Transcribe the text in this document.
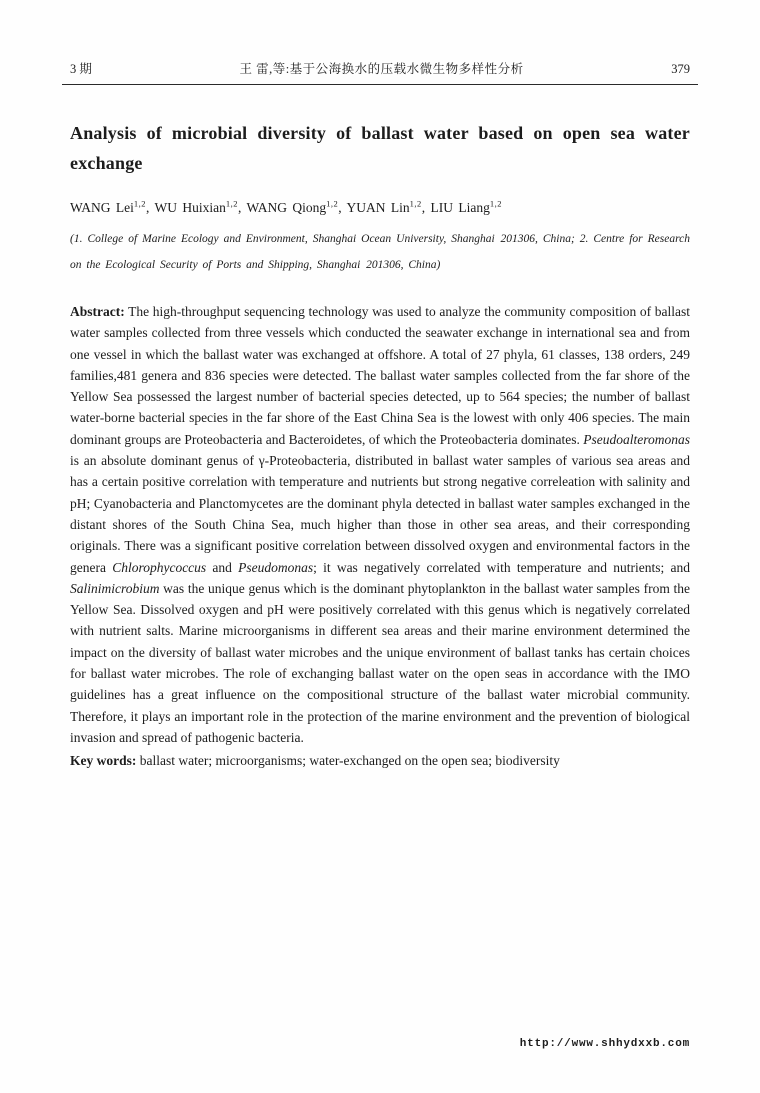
3 期	王 雷,等:基于公海换水的压载水微生物多样性分析	379
Analysis of microbial diversity of ballast water based on open sea water exchange
WANG Lei$^{1,2}$, WU Huixian$^{1,2}$, WANG Qiong$^{1,2}$, YUAN Lin$^{1,2}$, LIU Liang$^{1,2}$

(1. College of Marine Ecology and Environment, Shanghai Ocean University, Shanghai 201306, China; 2. Centre for Research on the Ecological Security of Ports and Shipping, Shanghai 201306, China)

Abstract: The high-throughput sequencing technology was used to analyze the community composition of ballast water samples collected from three vessels which conducted the seawater exchange in international sea and from one vessel in which the ballast water was exchanged at offshore. A total of 27 phyla, 61 classes, 138 orders, 249 families,481 genera and 836 species were detected. The ballast water samples collected from the far shore of the Yellow Sea possessed the largest number of bacterial species detected, up to 564 species; the number of ballast water-borne bacterial species in the far shore of the East China Sea is the lowest with only 406 species. The main dominant groups are Proteobacteria and Bacteroidetes, of which the Proteobacteria dominates. Pseudoalteromonas is an absolute dominant genus of γ-Proteobacteria, distributed in ballast water samples of various sea areas and has a certain positive correlation with temperature and nutrients but strong negative correleation with salinity and pH; Cyanobacteria and Planctomycetes are the dominant phyla detected in ballast water samples exchanged in the distant shores of the South China Sea, much higher than those in other sea areas, and their corresponding originals. There was a significant positive correlation between dissolved oxygen and environmental factors in the genera Chlorophycoccus and Pseudomonas; it was negatively correlated with temperature and nutrients; and Salinimicrobium was the unique genus which is the dominant phytoplankton in the ballast water samples from the Yellow Sea. Dissolved oxygen and pH were positively correlated with this genus which is negatively correlated with nutrient salts. Marine microorganisms in different sea areas and their marine environment determined the impact on the diversity of ballast water microbes and the unique environment of ballast tanks has certain choices for ballast water microbes. The role of exchanging ballast water on the open seas in accordance with the IMO guidelines has a great influence on the compositional structure of the ballast water microbial community. Therefore, it plays an important role in the protection of the marine environment and the prevention of biological invasion and spread of pathogenic bacteria.

Key words: ballast water; microorganisms; water-exchanged on the open sea; biodiversity

http://www.shhydxxb.com
